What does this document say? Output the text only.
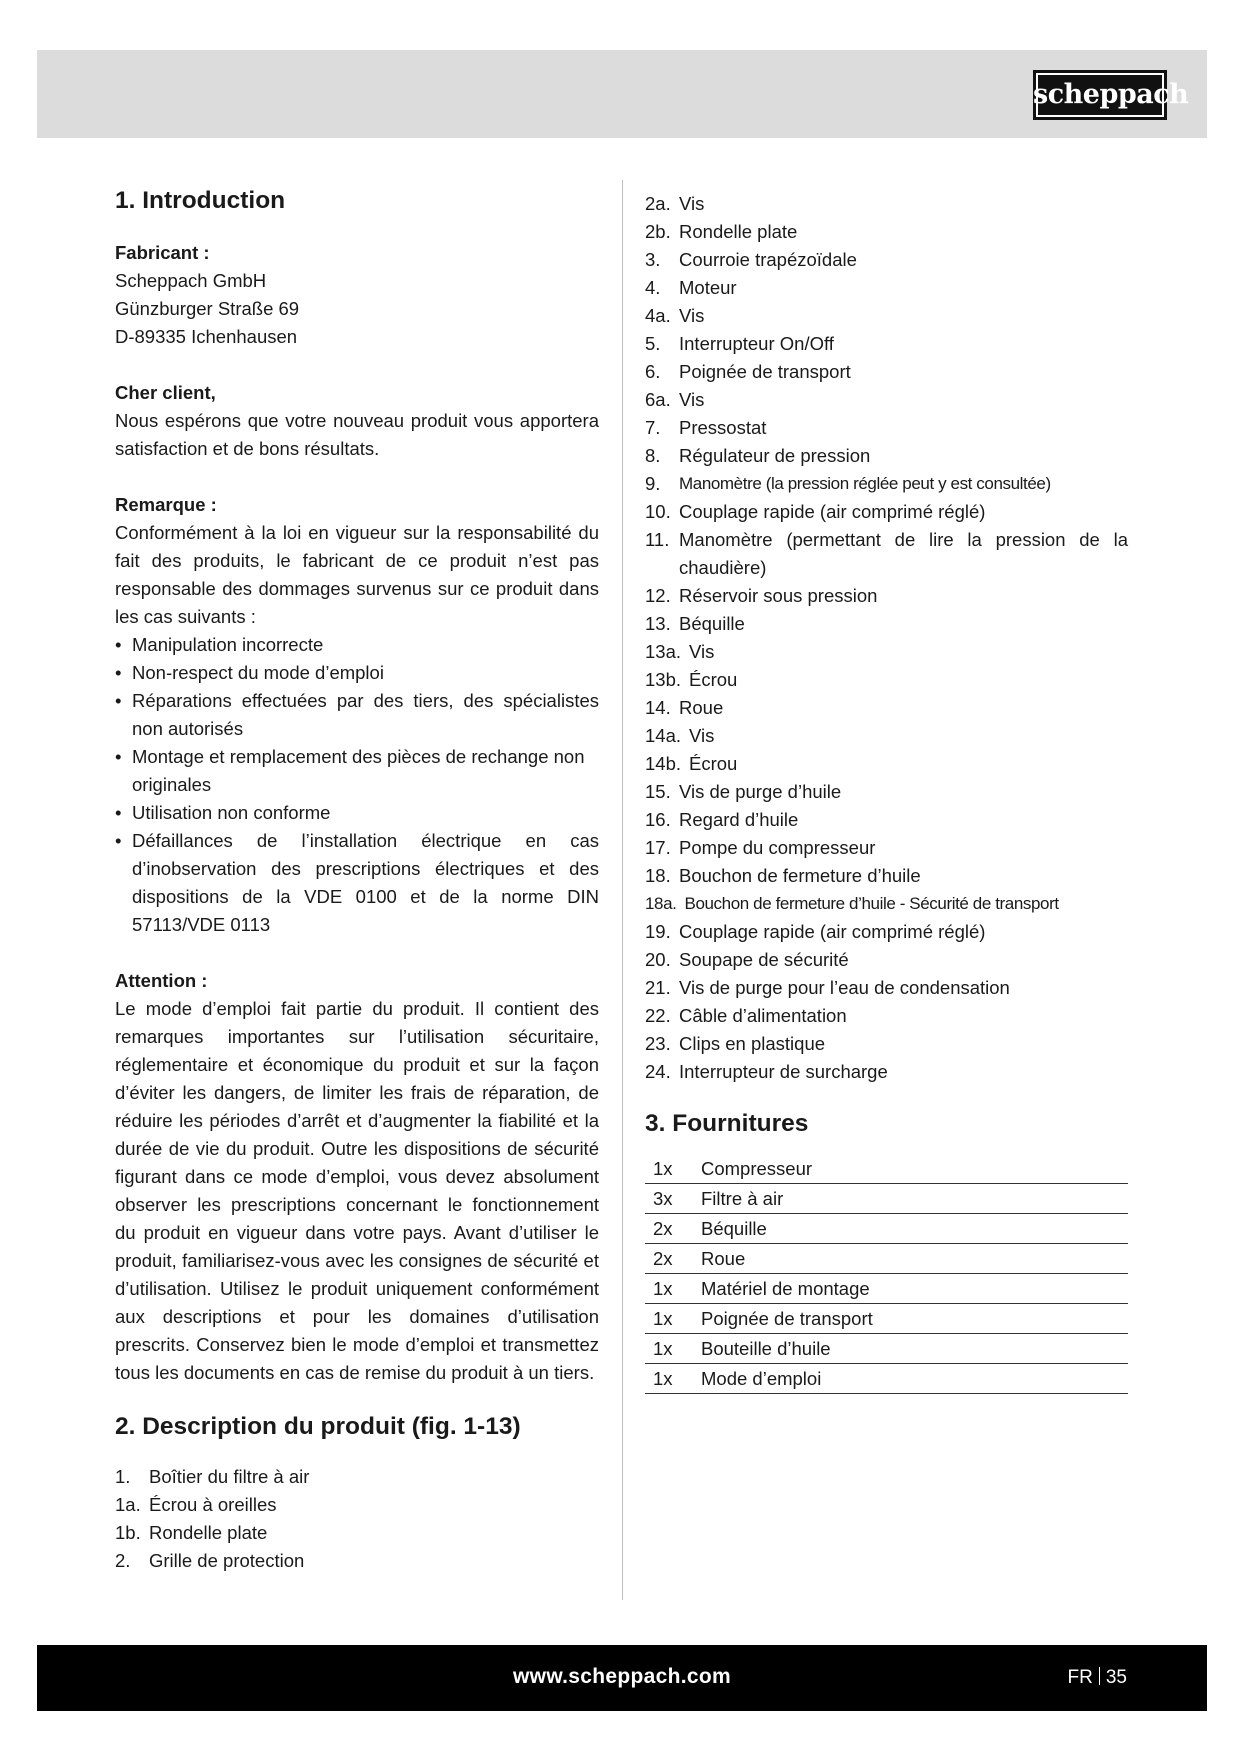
scheppach
1. Introduction
Fabricant :

Scheppach GmbH

Günzburger Straße 69

D-89335 Ichenhausen

Cher client,

Nous espérons que votre nouveau produit vous apportera satisfaction et de bons résultats.

Remarque :

Conformément à la loi en vigueur sur la responsabilité du fait des produits, le fabricant de ce produit n’est pas responsable des dommages survenus sur ce produit dans les cas suivants :

• Manipulation incorrecte
• Non-respect du mode d’emploi
• Réparations effectuées par des tiers, des spécialistes non autorisés
• Montage et remplacement des pièces de rechange non originales
• Utilisation non conforme
• Défaillances de l’installation électrique en cas d’inobservation des prescriptions électriques et des dispositions de la VDE 0100 et de la norme DIN 57113/VDE 0113
Attention :

Le mode d’emploi fait partie du produit. Il contient des remarques importantes sur l’utilisation sécuritaire, réglementaire et économique du produit et sur la façon d’éviter les dangers, de limiter les frais de réparation, de réduire les périodes d’arrêt et d’augmenter la fiabilité et la durée de vie du produit. Outre les dispositions de sécurité figurant dans ce mode d’emploi, vous devez absolument observer les prescriptions concernant le fonctionnement du produit en vigueur dans votre pays. Avant d’utiliser le produit, familiarisez-vous avec les consignes de sécurité et d’utilisation. Utilisez le produit uniquement conformément aux descriptions et pour les domaines d’utilisation prescrits. Conservez bien le mode d’emploi et transmettez tous les documents en cas de remise du produit à un tiers.

2. Description du produit (fig. 1-13)
1.	Boîtier du filtre à air
1a. Écrou à oreilles
1b. Rondelle plate
2.	Grille de protection
2a. Vis
2b. Rondelle plate
3.	Courroie trapézoïdale
4.	Moteur
4a. Vis
5.	Interrupteur On/Off
6.	Poignée de transport
6a. Vis
7.	Pressostat
8.	Régulateur de pression
9.	Manomètre (la pression réglée peut y est consultée)
10. Couplage rapide (air comprimé réglé)
11. Manomètre (permettant de lire la pression de la chaudière)
12. Réservoir sous pression
13. Béquille
13a. Vis
13b. Écrou
14. Roue
14a. Vis
14b. Écrou
15. Vis de purge d’huile
16. Regard d’huile
17. Pompe du compresseur
18. Bouchon de fermeture d’huile
18a. Bouchon de fermeture d’huile - Sécurité de transport
19. Couplage rapide (air comprimé réglé)
20. Soupape de sécurité
21. Vis de purge pour l’eau de condensation
22. Câble d’alimentation
23. Clips en plastique
24. Interrupteur de surcharge
3. Fournitures
1x	Compresseur
3x	Filtre à air
2x	Béquille
2x	Roue
1x	Matériel de montage
1x	Poignée de transport
1x	Bouteille d’huile
1x	Mode d’emploi
www.scheppach.com	FR 35
